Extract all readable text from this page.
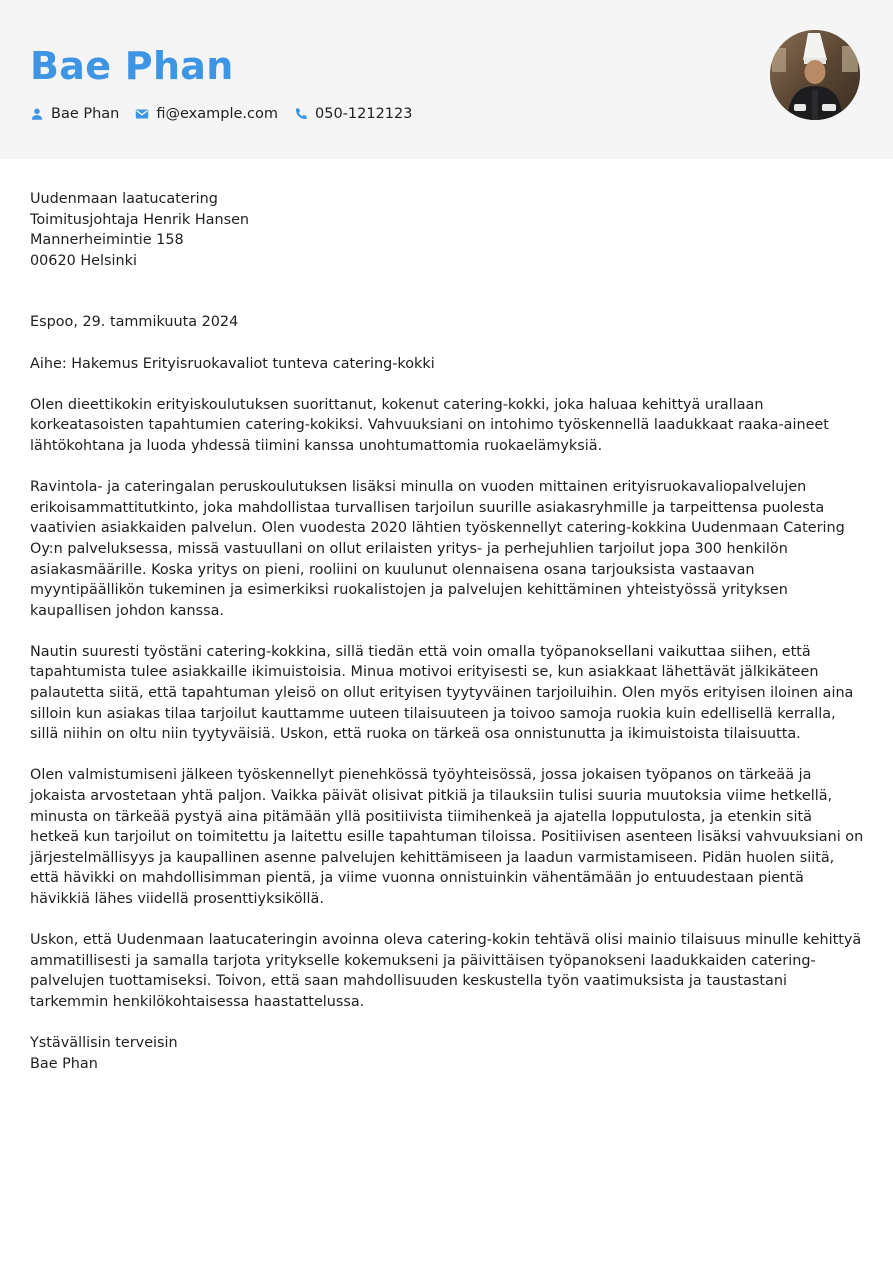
Bae Phan
Bae Phan	fi@example.com	050-1212123
Uudenmaan laatucatering
Toimitusjohtaja Henrik Hansen
Mannerheimintie 158
00620 Helsinki
Espoo, 29. tammikuuta 2024
Aihe: Hakemus Erityisruokavaliot tunteva catering-kokki

Olen dieettikokin erityiskoulutuksen suorittanut, kokenut catering-kokki, joka haluaa kehittyä urallaan korkeatasoisten tapahtumien catering-kokiksi. Vahvuuksiani on intohimo työskennellä laadukkaat raaka-aineet lähtökohtana ja luoda yhdessä tiimini kanssa unohtumattomia ruokaelämyksiä.

Ravintola- ja cateringalan peruskoulutuksen lisäksi minulla on vuoden mittainen erityisruokavaliopalvelujen erikoisammattitutkinto, joka mahdollistaa turvallisen tarjoilun suurille asiakasryhmille ja tarpeittensa puolesta vaativien asiakkaiden palvelun. Olen vuodesta 2020 lähtien työskennellyt catering-kokkina Uudenmaan Catering Oy:n palveluksessa, missä vastuullani on ollut erilaisten yritys- ja perhejuhlien tarjoilut jopa 300 henkilön asiakasmäärille. Koska yritys on pieni, rooliini on kuulunut olennaisena osana tarjouksista vastaavan myyntipäällikön tukeminen ja esimerkiksi ruokalistojen ja palvelujen kehittäminen yhteistyössä yrityksen kaupallisen johdon kanssa.

Nautin suuresti työstäni catering-kokkina, sillä tiedän että voin omalla työpanoksellani vaikuttaa siihen, että tapahtumista tulee asiakkaille ikimuistoisia. Minua motivoi erityisesti se, kun asiakkaat lähettävät jälkikäteen palautetta siitä, että tapahtuman yleisö on ollut erityisen tyytyväinen tarjoiluihin. Olen myös erityisen iloinen aina silloin kun asiakas tilaa tarjoilut kauttamme uuteen tilaisuuteen ja toivoo samoja ruokia kuin edellisellä kerralla, sillä niihin on oltu niin tyytyväisiä. Uskon, että ruoka on tärkeä osa onnistunutta ja ikimuistoista tilaisuutta.

Olen valmistumiseni jälkeen työskennellyt pienehkössä työyhteisössä, jossa jokaisen työpanos on tärkeää ja jokaista arvostetaan yhtä paljon. Vaikka päivät olisivat pitkiä ja tilauksiin tulisi suuria muutoksia viime hetkellä, minusta on tärkeää pystyä aina pitämään yllä positiivista tiimihenkeä ja ajatella lopputulosta, ja etenkin sitä hetkeä kun tarjoilut on toimitettu ja laitettu esille tapahtuman tiloissa. Positiivisen asenteen lisäksi vahvuuksiani on järjestelmällisyys ja kaupallinen asenne palvelujen kehittämiseen ja laadun varmistamiseen. Pidän huolen siitä, että hävikki on mahdollisimman pientä, ja viime vuonna onnistuinkin vähentämään jo entuudestaan pientä hävikkiä lähes viidellä prosenttiyksiköllä.

Uskon, että Uudenmaan laatucateringin avoinna oleva catering-kokin tehtävä olisi mainio tilaisuus minulle kehittyä ammatillisesti ja samalla tarjota yritykselle kokemukseni ja päivittäisen työpanokseni laadukkaiden catering-palvelujen tuottamiseksi. Toivon, että saan mahdollisuuden keskustella työn vaatimuksista ja taustastani tarkemmin henkilökohtaisessa haastattelussa.

Ystävällisin terveisin
Bae Phan
